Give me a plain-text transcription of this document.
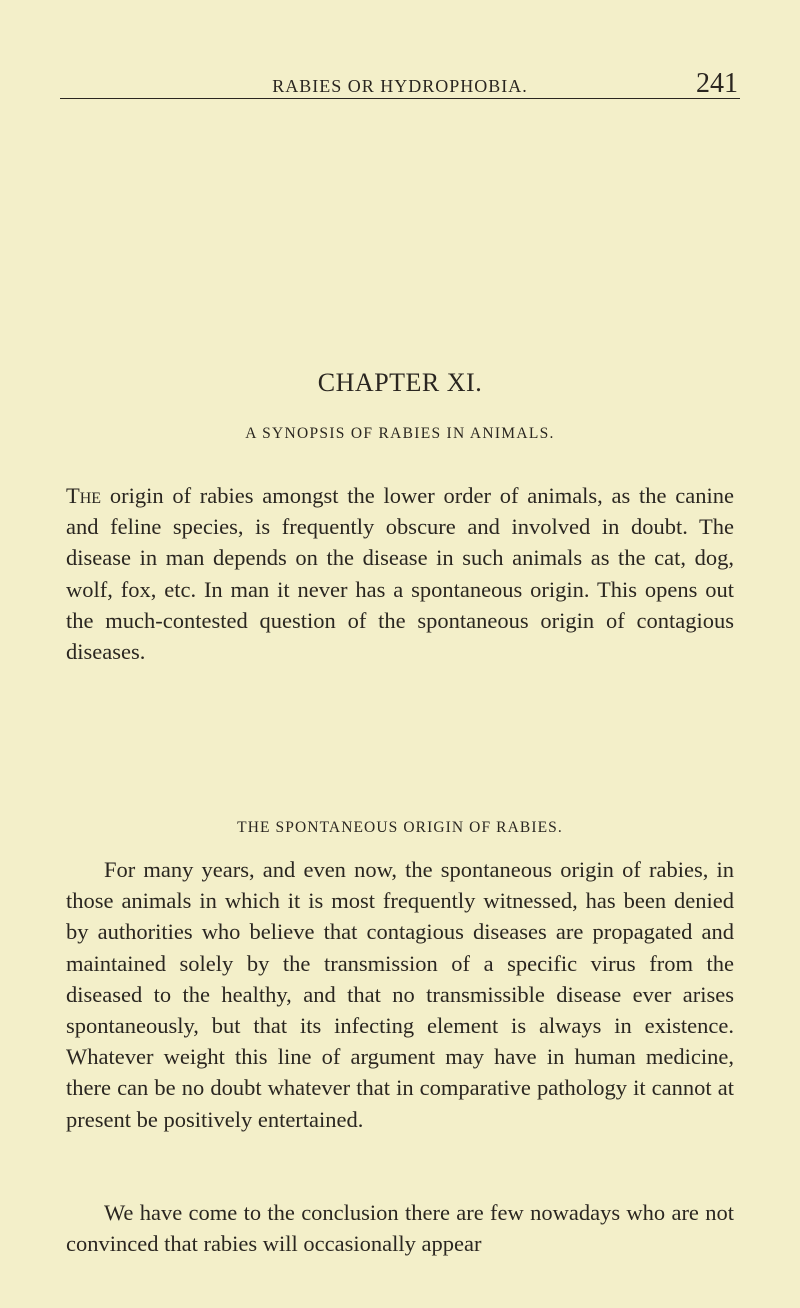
RABIES OR HYDROPHOBIA.	241
CHAPTER XI.
A SYNOPSIS OF RABIES IN ANIMALS.

The origin of rabies amongst the lower order of animals, as the canine and feline species, is frequently obscure and involved in doubt. The disease in man depends on the disease in such animals as the cat, dog, wolf, fox, etc. In man it never has a spontaneous origin. This opens out the much-contested question of the spontaneous origin of contagious diseases.

THE SPONTANEOUS ORIGIN OF RABIES.

For many years, and even now, the spontaneous origin of rabies, in those animals in which it is most frequently witnessed, has been denied by authorities who believe that contagious diseases are propagated and maintained solely by the transmission of a specific virus from the diseased to the healthy, and that no transmissible disease ever arises spontaneously, but that its infecting element is always in existence. Whatever weight this line of argument may have in human medicine, there can be no doubt whatever that in comparative pathology it cannot at present be positively entertained.

We have come to the conclusion there are few nowadays who are not convinced that rabies will occasionally appear
